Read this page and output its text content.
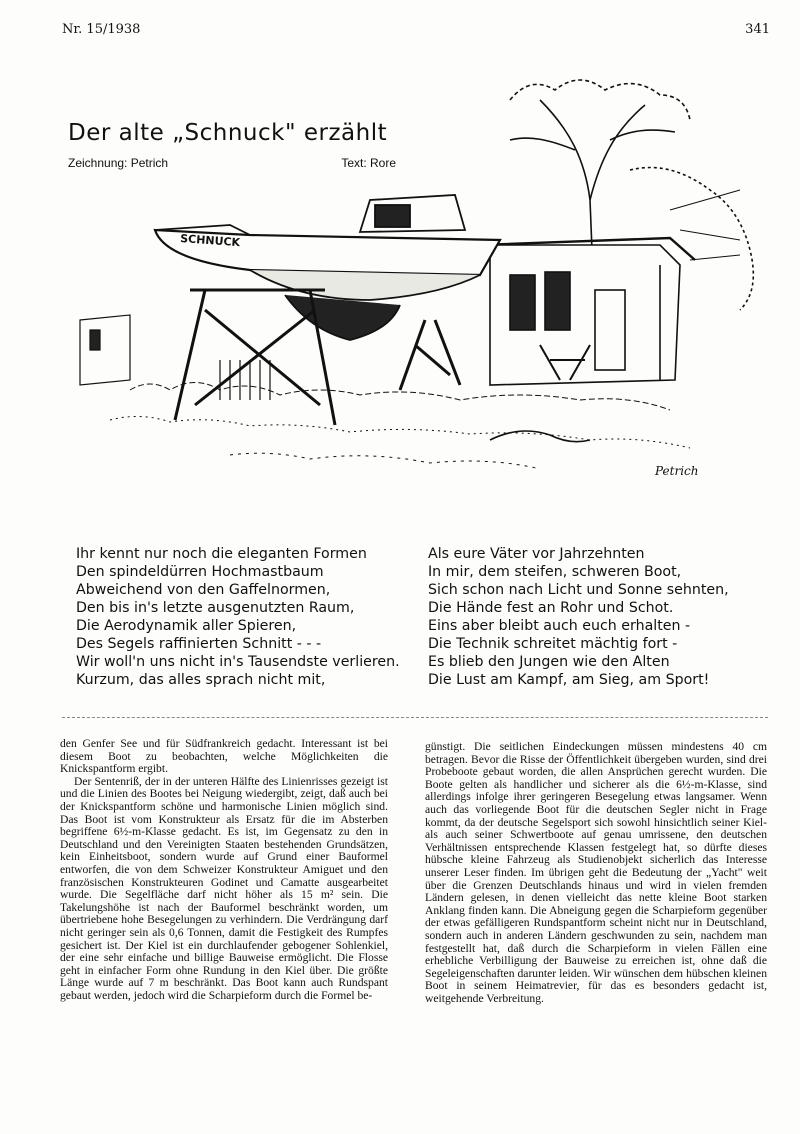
Nr. 15/1938	341
SCHNUCK
Petrich
Der alte „Schnuck" erzählt
Zeichnung: Petrich	Text: Rore
Ihr kennt nur noch die eleganten Formen
Den spindeldürren Hochmastbaum
Abweichend von den Gaffelnormen,
Den bis in's letzte ausgenutzten Raum,
Die Aerodynamik aller Spieren,
Des Segels raffinierten Schnitt - - -
Wir woll'n uns nicht in's Tausendste verlieren.
Kurzum, das alles sprach nicht mit,
Als eure Väter vor Jahrzehnten
In mir, dem steifen, schweren Boot,
Sich schon nach Licht und Sonne sehnten,
Die Hände fest an Rohr und Schot.
Eins aber bleibt auch euch erhalten -
Die Technik schreitet mächtig fort -
Es blieb den Jungen wie den Alten
Die Lust am Kampf, am Sieg, am Sport!

den Genfer See und für Südfrankreich gedacht. Interessant ist bei diesem Boot zu beobachten, welche Möglichkeiten die Knickspantform ergibt.

Der Sentenriß, der in der unteren Hälfte des Linienrisses gezeigt ist und die Linien des Bootes bei Neigung wiedergibt, zeigt, daß auch bei der Knickspantform schöne und harmonische Linien möglich sind. Das Boot ist vom Konstrukteur als Ersatz für die im Absterben begriffene 6½-m-Klasse gedacht. Es ist, im Gegensatz zu den in Deutschland und den Vereinigten Staaten bestehenden Grundsätzen, kein Einheitsboot, sondern wurde auf Grund einer Bauformel entworfen, die von dem Schweizer Konstrukteur Amiguet und den französischen Konstrukteuren Godinet und Camatte ausgearbeitet wurde. Die Segelfläche darf nicht höher als 15 m² sein. Die Takelungshöhe ist nach der Bauformel beschränkt worden, um übertriebene hohe Besegelungen zu verhindern. Die Verdrängung darf nicht geringer sein als 0,6 Tonnen, damit die Festigkeit des Rumpfes gesichert ist. Der Kiel ist ein durchlaufender gebogener Sohlenkiel, der eine sehr einfache und billige Bauweise ermöglicht. Die Flosse geht in einfacher Form ohne Rundung in den Kiel über. Die größte Länge wurde auf 7 m beschränkt. Das Boot kann auch Rundspant gebaut werden, jedoch wird die Scharpieform durch die Formel be-

günstigt. Die seitlichen Eindeckungen müssen mindestens 40 cm betragen. Bevor die Risse der Öffentlichkeit übergeben wurden, sind drei Probeboote gebaut worden, die allen Ansprüchen gerecht wurden. Die Boote gelten als handlicher und sicherer als die 6½-m-Klasse, sind allerdings infolge ihrer geringeren Besegelung etwas langsamer. Wenn auch das vorliegende Boot für die deutschen Segler nicht in Frage kommt, da der deutsche Segelsport sich sowohl hinsichtlich seiner Kiel- als auch seiner Schwertboote auf genau umrissene, den deutschen Verhältnissen entsprechende Klassen festgelegt hat, so dürfte dieses hübsche kleine Fahrzeug als Studienobjekt sicherlich das Interesse unserer Leser finden. Im übrigen geht die Bedeutung der „Yacht" weit über die Grenzen Deutschlands hinaus und wird in vielen fremden Ländern gelesen, in denen vielleicht das nette kleine Boot starken Anklang finden kann. Die Abneigung gegen die Scharpieform gegenüber der etwas gefälligeren Rundspantform scheint nicht nur in Deutschland, sondern auch in anderen Ländern geschwunden zu sein, nachdem man festgestellt hat, daß durch die Scharpieform in vielen Fällen eine erhebliche Verbilligung der Bauweise zu erreichen ist, ohne daß die Segeleigenschaften darunter leiden. Wir wünschen dem hübschen kleinen Boot in seinem Heimatrevier, für das es besonders gedacht ist, weitgehende Verbreitung.
